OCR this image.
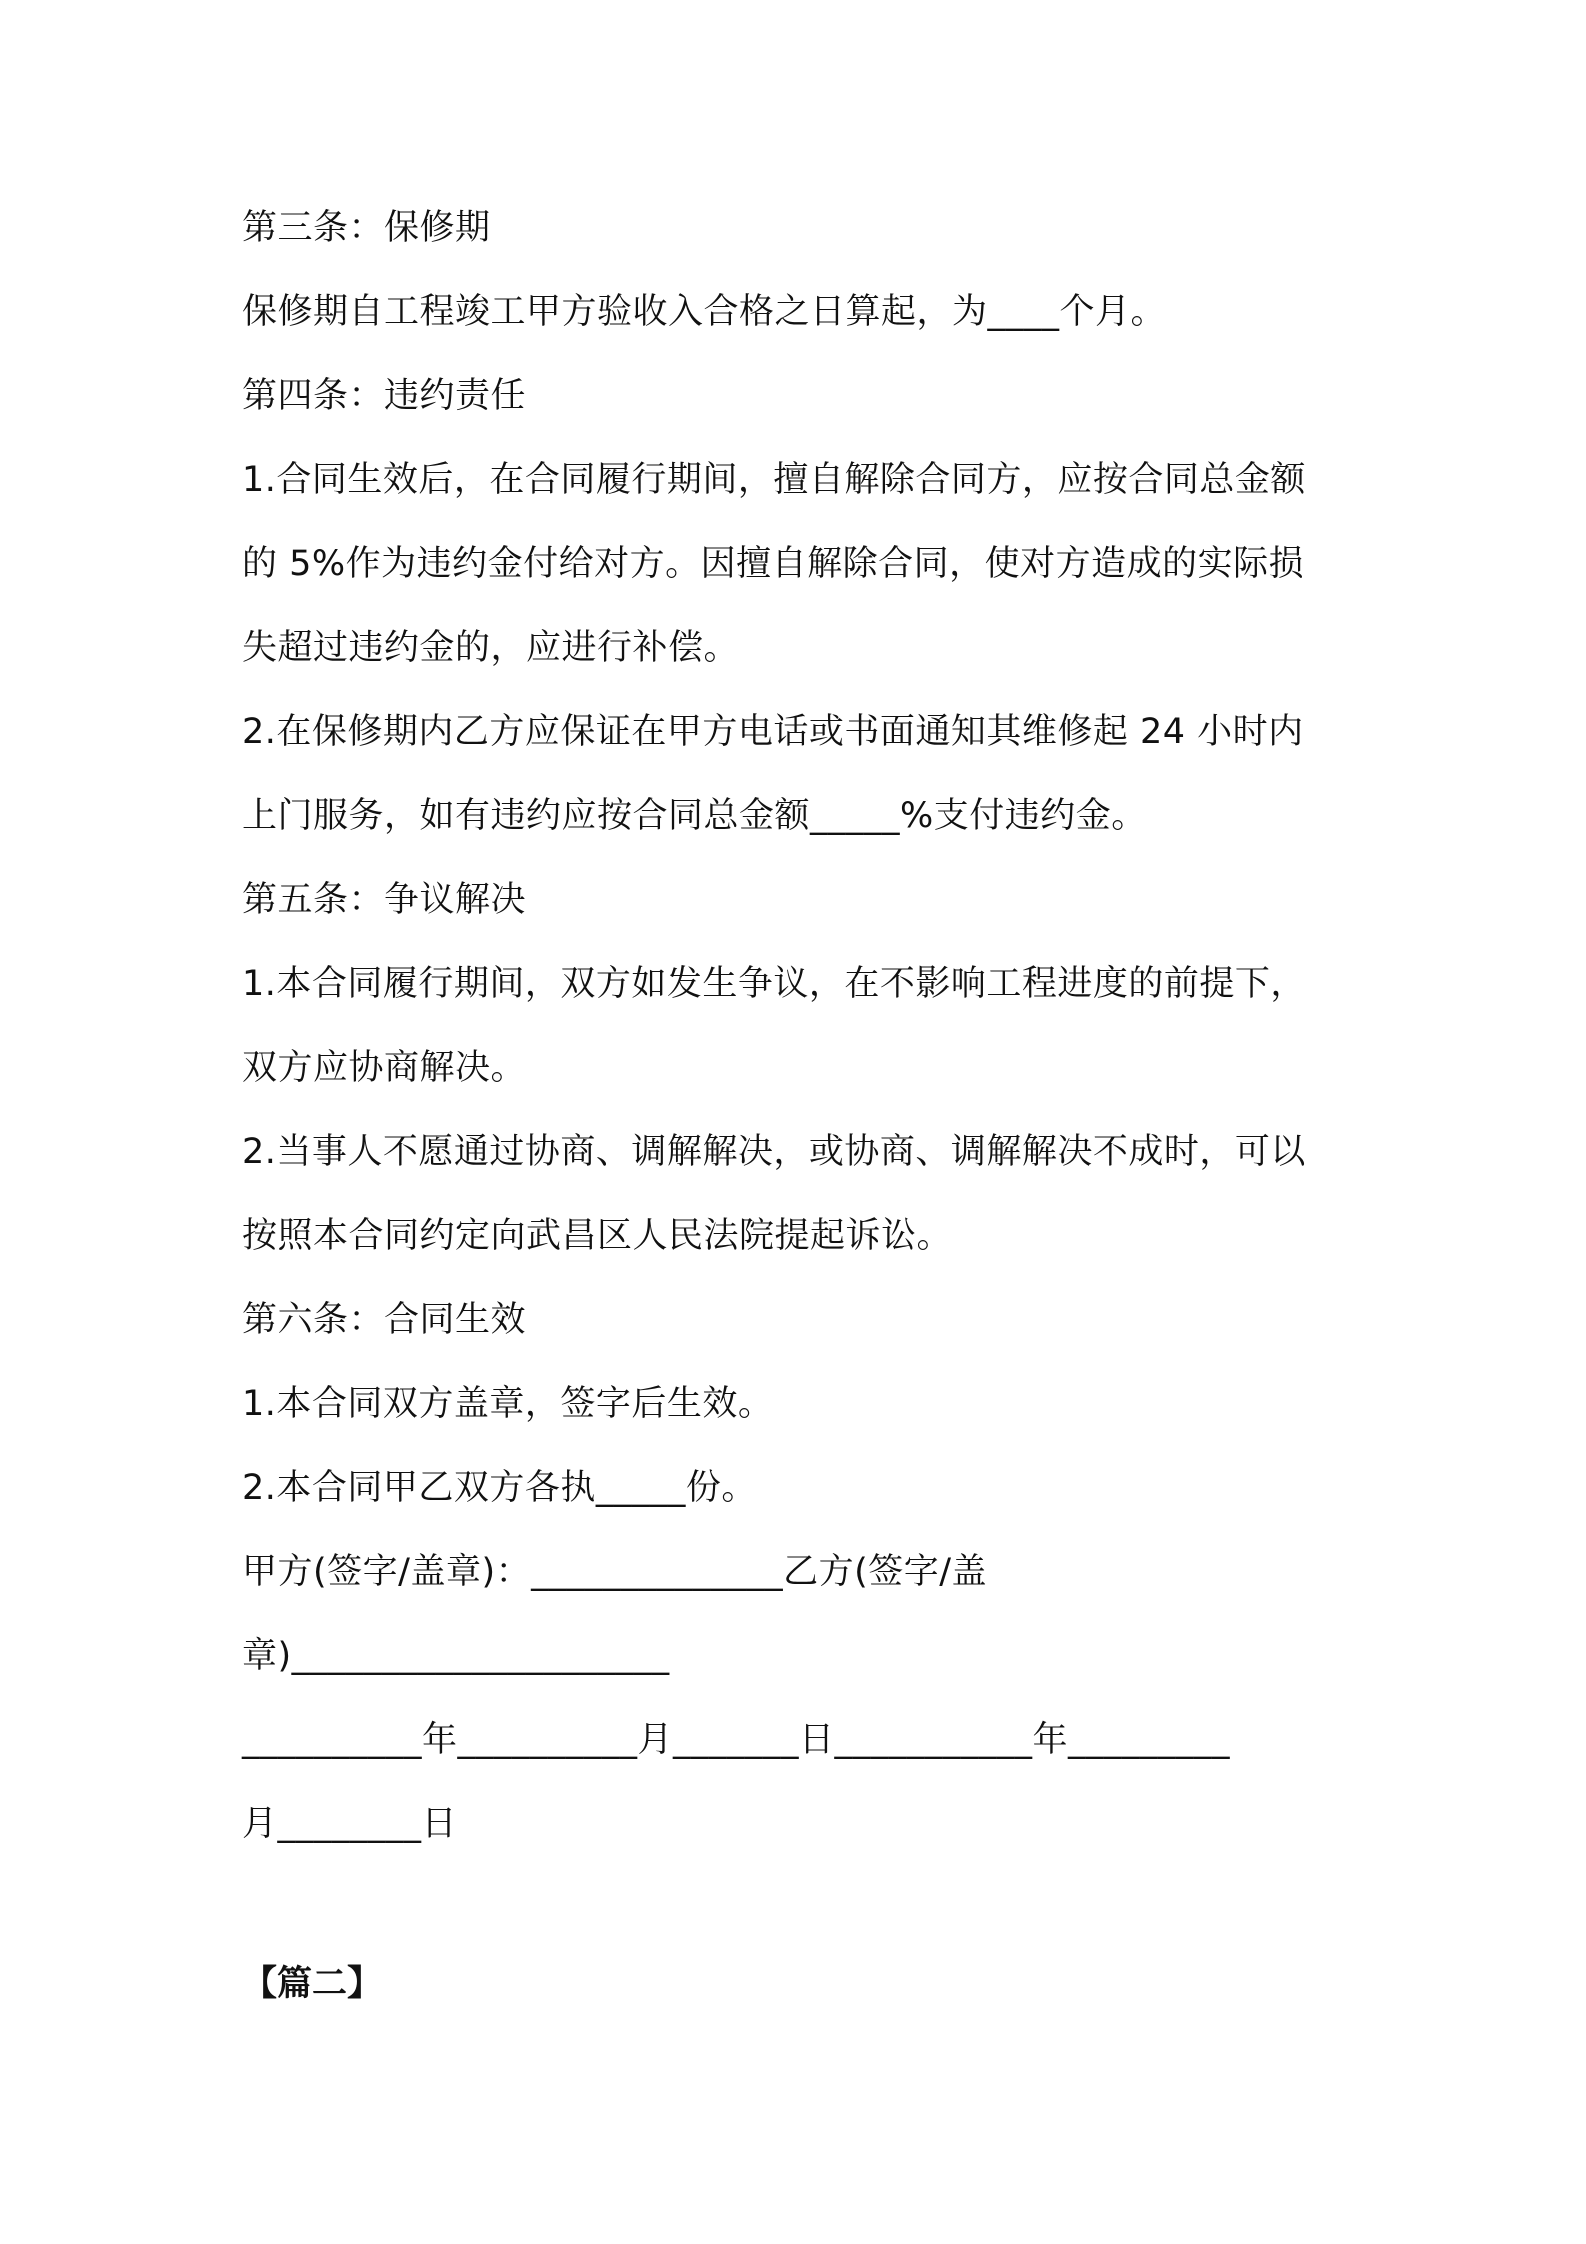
第三条：保修期
保修期自工程竣工甲方验收入合格之日算起，为____个月。
第四条：违约责任
1.合同生效后，在合同履行期间，擅自解除合同方，应按合同总金额
的 5%作为违约金付给对方。因擅自解除合同，使对方造成的实际损
失超过违约金的，应进行补偿。
2.在保修期内乙方应保证在甲方电话或书面通知其维修起 24 小时内
上门服务，如有违约应按合同总金额_____%支付违约金。
第五条：争议解决
1.本合同履行期间，双方如发生争议，在不影响工程进度的前提下，
双方应协商解决。
2.当事人不愿通过协商、调解解决，或协商、调解解决不成时，可以
按照本合同约定向武昌区人民法院提起诉讼。
第六条：合同生效
1.本合同双方盖章，签字后生效。
2.本合同甲乙双方各执_____份。
甲方(签字/盖章)：______________乙方(签字/盖
章)_____________________
__________年__________月_______日___________年_________
月________日
【篇二】
